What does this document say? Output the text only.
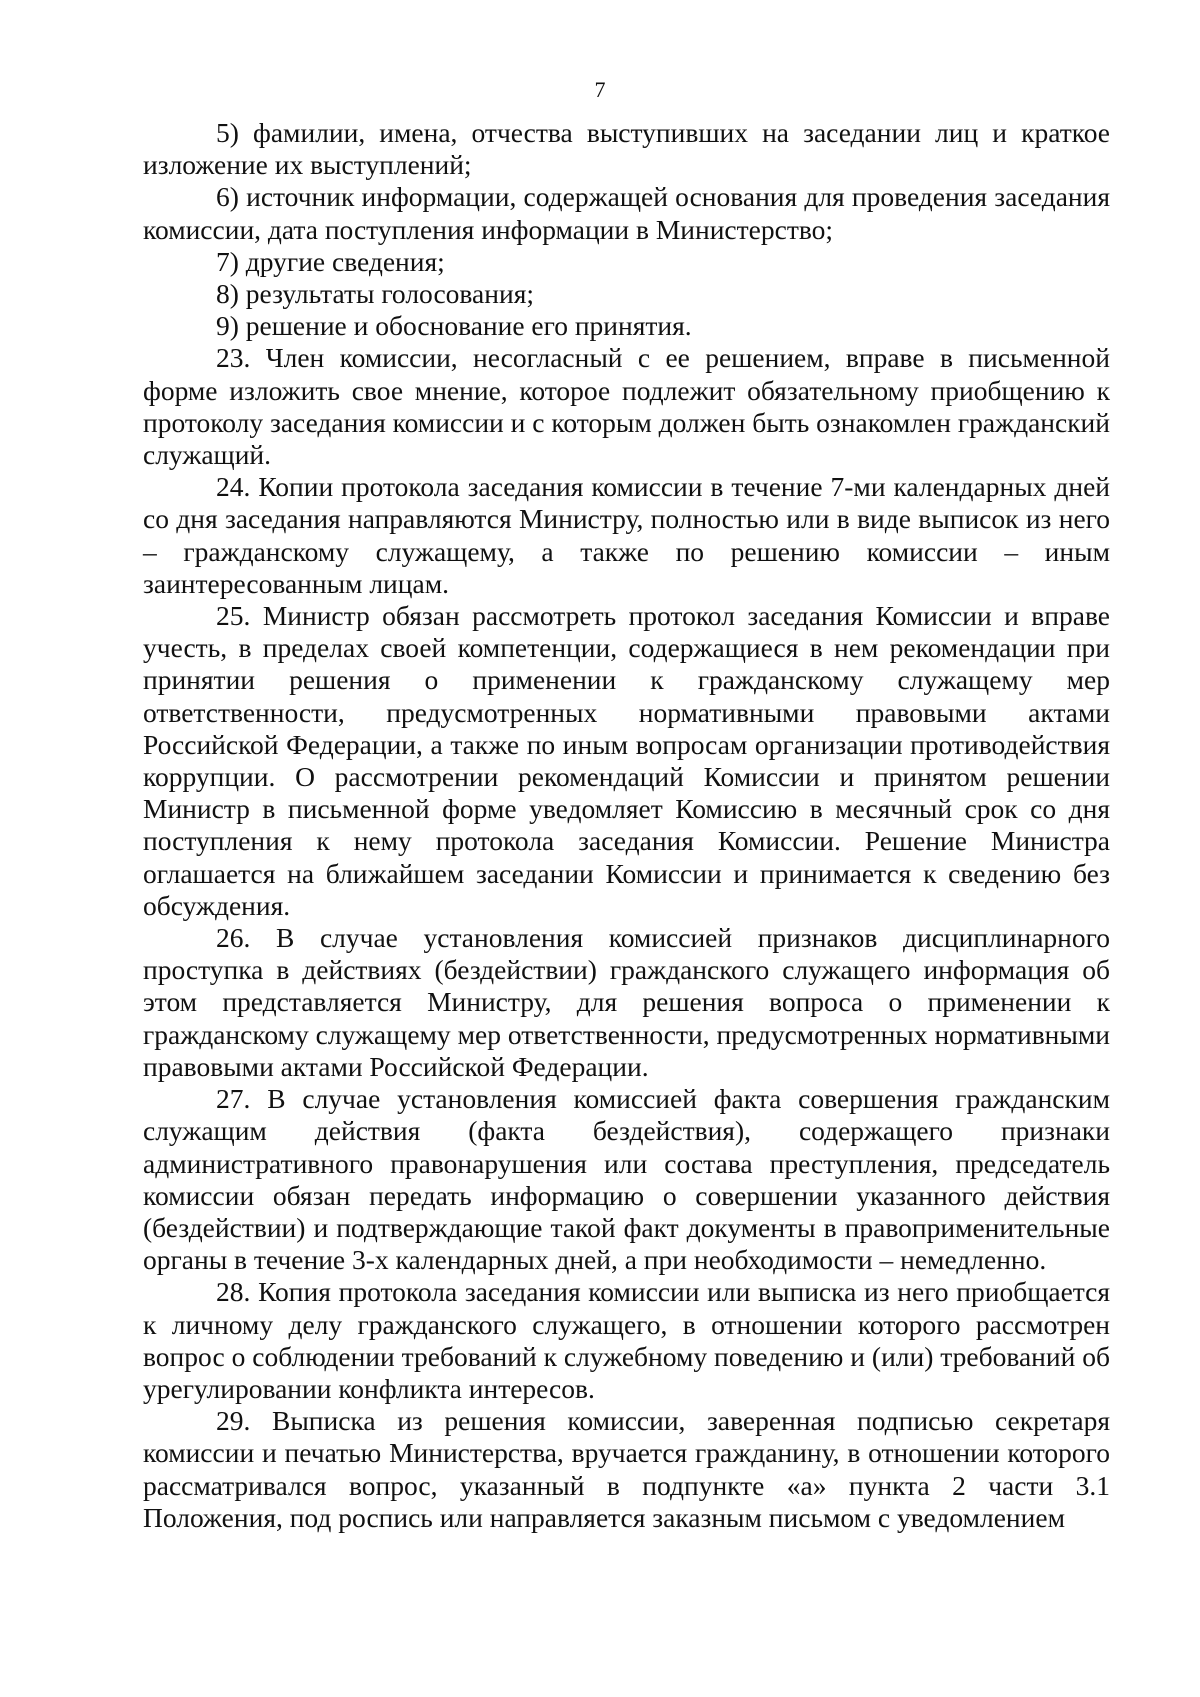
7

5) фамилии, имена, отчества выступивших на заседании лиц и краткое изложение их выступлений;

6) источник информации, содержащей основания для проведения заседания комиссии, дата поступления информации в Министерство;

7) другие сведения;

8) результаты голосования;

9) решение и обоснование его принятия.

23. Член комиссии, несогласный с ее решением, вправе в письменной форме изложить свое мнение, которое подлежит обязательному приобщению к протоколу заседания комиссии и с которым должен быть ознакомлен гражданский служащий.

24. Копии протокола заседания комиссии в течение 7-ми календарных дней со дня заседания направляются Министру, полностью или в виде выписок из него – гражданскому служащему, а также по решению комиссии – иным заинтересованным лицам.

25. Министр обязан рассмотреть протокол заседания Комиссии и вправе учесть, в пределах своей компетенции, содержащиеся в нем рекомендации при принятии решения о применении к гражданскому служащему мер ответственности, предусмотренных нормативными правовыми актами Российской Федерации, а также по иным вопросам организации противодействия коррупции. О рассмотрении рекомендаций Комиссии и принятом решении Министр в письменной форме уведомляет Комиссию в месячный срок со дня поступления к нему протокола заседания Комиссии. Решение Министра оглашается на ближайшем заседании Комиссии и принимается к сведению без обсуждения.

26. В случае установления комиссией признаков дисциплинарного проступка в действиях (бездействии) гражданского служащего информация об этом представляется Министру, для решения вопроса о применении к гражданскому служащему мер ответственности, предусмотренных нормативными правовыми актами Российской Федерации.

27. В случае установления комиссией факта совершения гражданским служащим действия (факта бездействия), содержащего признаки административного правонарушения или состава преступления, председатель комиссии обязан передать информацию о совершении указанного действия (бездействии) и подтверждающие такой факт документы в правоприменительные органы в течение 3-х календарных дней, а при необходимости – немедленно.

28. Копия протокола заседания комиссии или выписка из него приобщается к личному делу гражданского служащего, в отношении которого рассмотрен вопрос о соблюдении требований к служебному поведению и (или) требований об урегулировании конфликта интересов.

29. Выписка из решения комиссии, заверенная подписью секретаря комиссии и печатью Министерства, вручается гражданину, в отношении которого рассматривался вопрос, указанный в подпункте «а» пункта 2 части 3.1 Положения, под роспись или направляется заказным письмом с уведомлением
